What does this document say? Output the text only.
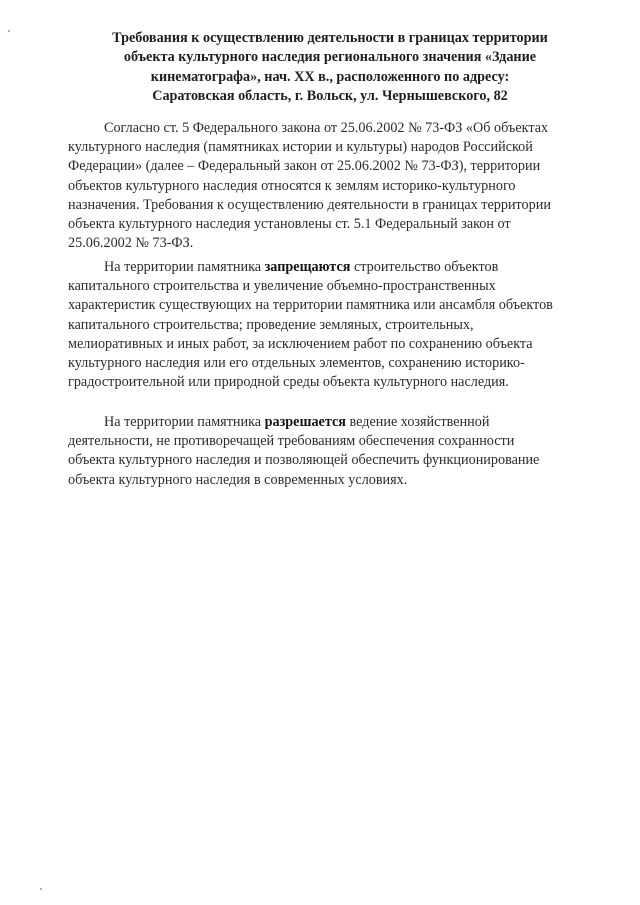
Требования к осуществлению деятельности в границах территории
объекта культурного наследия регионального значения «Здание
кинематографа», нач. XX в., расположенного по адресу:
Саратовская область, г. Вольск, ул. Чернышевского, 82
Согласно ст. 5 Федерального закона от 25.06.2002 № 73-ФЗ «Об объектах
культурного наследия (памятниках истории и культуры) народов Российской
Федерации» (далее – Федеральный закон от 25.06.2002 № 73-ФЗ), территории
объектов культурного наследия относятся к землям историко-культурного
назначения. Требования к осуществлению деятельности в границах территории
объекта культурного наследия установлены ст. 5.1 Федеральный закон от
25.06.2002 № 73-ФЗ.
На территории памятника запрещаются строительство объектов
капитального строительства и увеличение объемно-пространственных
характеристик существующих на территории памятника или ансамбля объектов
капитального строительства; проведение земляных, строительных,
мелиоративных и иных работ, за исключением работ по сохранению объекта
культурного наследия или его отдельных элементов, сохранению историко-
градостроительной или природной среды объекта культурного наследия.
На территории памятника разрешается ведение хозяйственной
деятельности, не противоречащей требованиям обеспечения сохранности
объекта культурного наследия и позволяющей обеспечить функционирование
объекта культурного наследия в современных условиях.
